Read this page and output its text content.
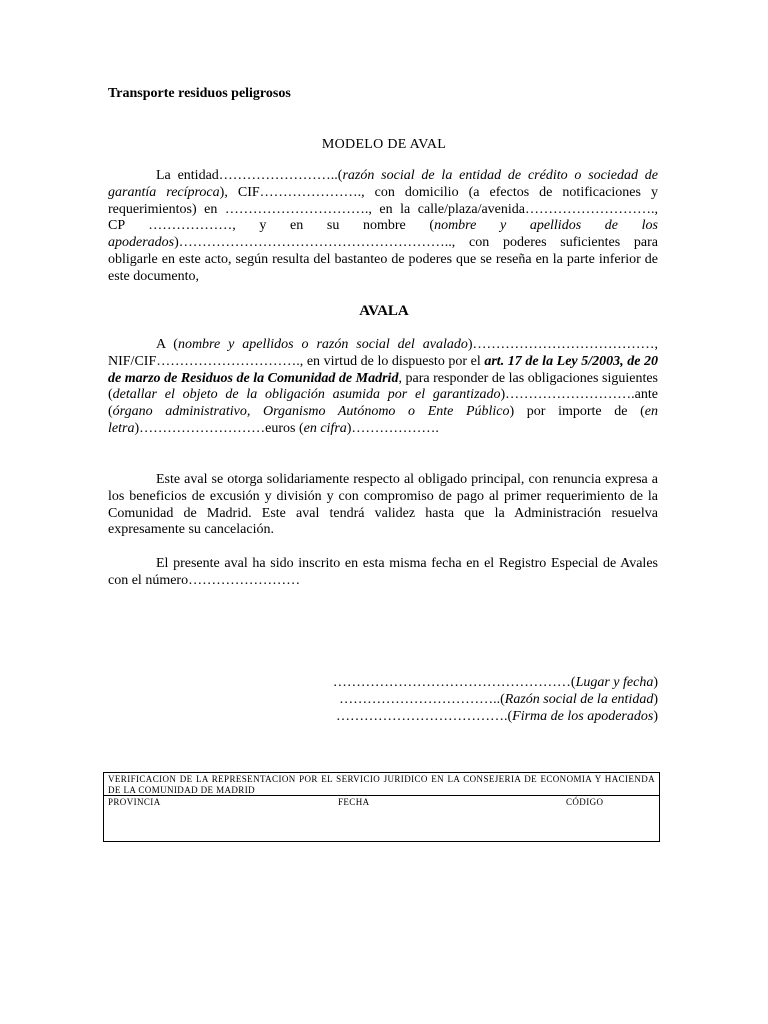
Transporte residuos peligrosos
MODELO DE AVAL

La entidad……………………..(razón social de la entidad de crédito o sociedad de garantía recíproca), CIF…………………., con domicilio (a efectos de notificaciones y requerimientos) en …………………………., en la calle/plaza/avenida………………………., CP ………………, y en su nombre (nombre y apellidos de los apoderados)………………………………………………….., con poderes suficientes para obligarle en este acto, según resulta del bastanteo de poderes que se reseña en la parte inferior de este documento,

AVALA

A (nombre y apellidos o razón social del avalado)…………………………………, NIF/CIF…………………………., en virtud de lo dispuesto por el art. 17 de la Ley 5/2003, de 20 de marzo de Residuos de la Comunidad de Madrid, para responder de las obligaciones siguientes (detallar el objeto de la obligación asumida por el garantizado)……………………….ante (órgano administrativo, Organismo Autónomo o Ente Público) por importe de (en letra)………………………euros (en cifra)……………….

Este aval se otorga solidariamente respecto al obligado principal, con renuncia expresa a los beneficios de excusión y división y con compromiso de pago al primer requerimiento de la Comunidad de Madrid. Este aval tendrá validez hasta que la Administración resuelva expresamente su cancelación.

El presente aval ha sido inscrito en esta misma fecha en el Registro Especial de Avales con el número……………………

……………………………………………(Lugar y fecha)
……………………………..(Razón social de la entidad)
……………………………….(Firma de los apoderados)
VERIFICACION DE LA REPRESENTACION POR EL SERVICIO JURIDICO EN LA CONSEJERIA DE ECONOMIA Y HACIENDA DE LA COMUNIDAD DE MADRID
PROVINCIA	FECHA	CÓDIGO
